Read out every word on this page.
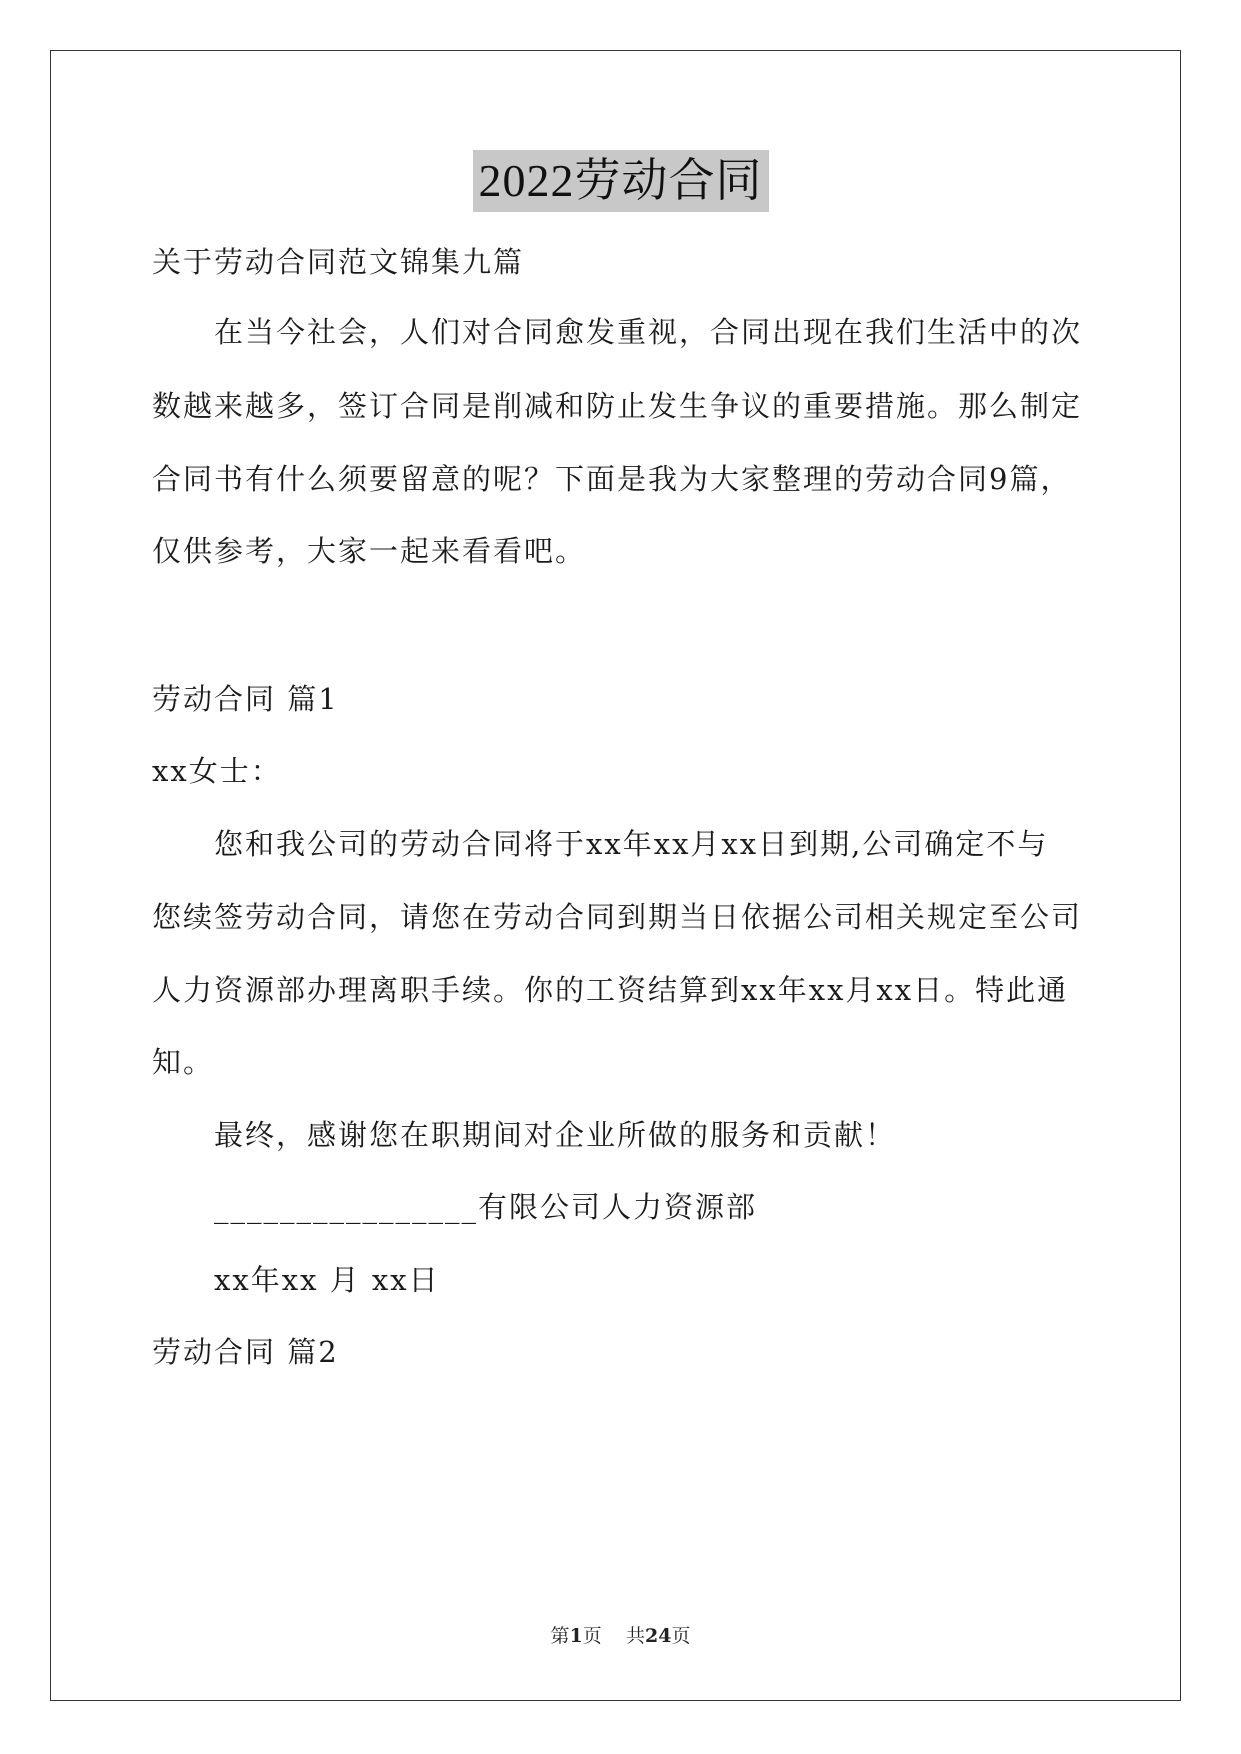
2022劳动合同
关于劳动合同范文锦集九篇
在当今社会，人们对合同愈发重视，合同出现在我们生活中的次
数越来越多，签订合同是削减和防止发生争议的重要措施。那么制定
合同书有什么须要留意的呢？下面是我为大家整理的劳动合同9篇，
仅供参考，大家一起来看看吧。
劳动合同 篇1
xx女士：
您和我公司的劳动合同将于xx年xx月xx日到期,公司确定不与
您续签劳动合同，请您在劳动合同到期当日依据公司相关规定至公司
人力资源部办理离职手续。你的工资结算到xx年xx月xx日。特此通
知。
最终，感谢您在职期间对企业所做的服务和贡献！
________________有限公司人力资源部
xx年xx 月 xx日
劳动合同 篇2
第1页 共24页
